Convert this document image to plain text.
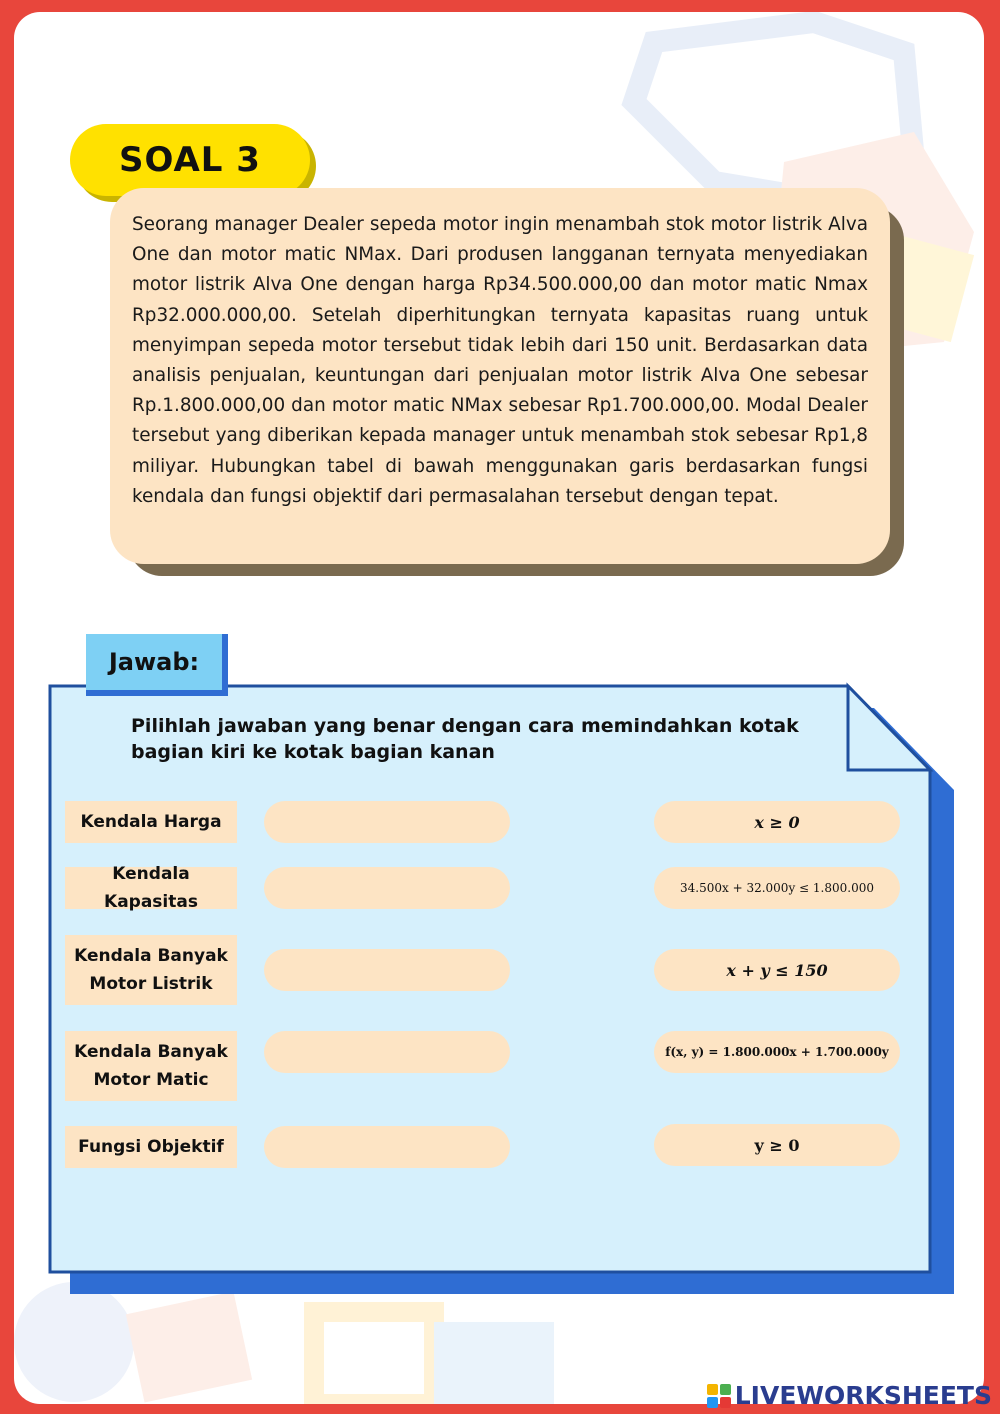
SOAL 3

Seorang manager Dealer sepeda motor ingin menambah stok motor listrik Alva One dan motor matic NMax. Dari produsen langganan ternyata menyediakan motor listrik Alva One dengan harga Rp34.500.000,00 dan motor matic Nmax Rp32.000.000,00. Setelah diperhitungkan ternyata kapasitas ruang untuk menyimpan sepeda motor tersebut tidak lebih dari 150 unit. Berdasarkan data analisis penjualan, keuntungan dari penjualan motor listrik Alva One sebesar Rp.1.800.000,00 dan motor matic NMax sebesar Rp1.700.000,00. Modal Dealer tersebut yang diberikan kepada manager untuk menambah stok sebesar Rp1,8 miliyar. Hubungkan tabel di bawah menggunakan garis berdasarkan fungsi kendala dan fungsi objektif dari permasalahan tersebut dengan tepat.

Jawab:
Pilihlah jawaban yang benar dengan cara memindahkan kotak bagian kiri ke kotak bagian kanan
Kendala Harga	x ≥ 0
Kendala Kapasitas
34.500x + 32.000y ≤ 1.800.000
Kendala Banyak
Motor Listrik
x + y ≤ 150
Kendala Banyak
Motor Matic
f(x, y) = 1.800.000x + 1.700.000y
Fungsi Objektif	y ≥ 0
LIVEWORKSHEETS
